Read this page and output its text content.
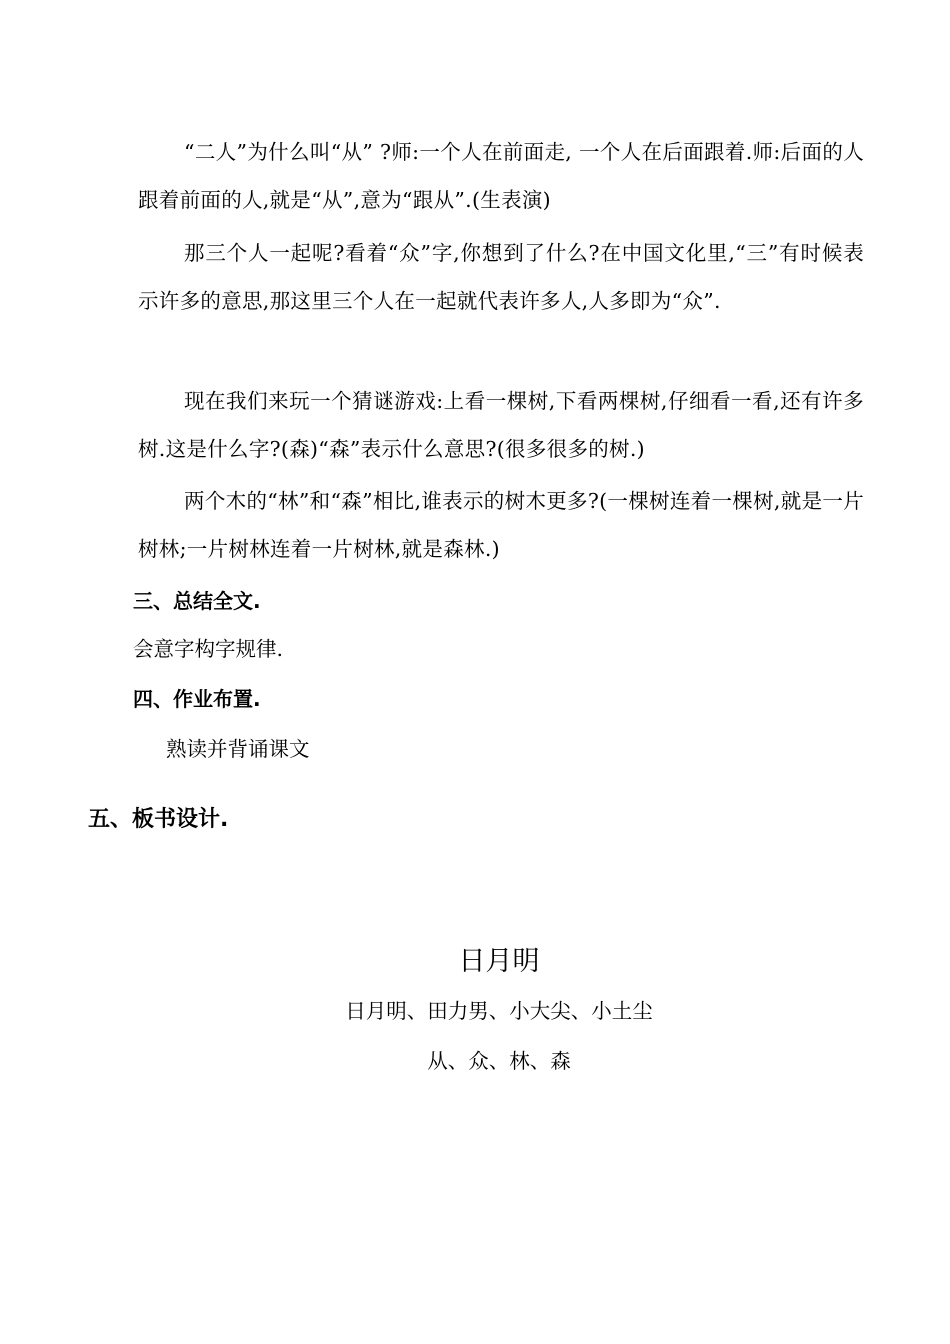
“二人”为什么叫“从” ?师:一个人在前面走, 一个人在后面跟着.师:后面的人跟着前面的人,就是“从”,意为“跟从”.(生表演)

那三个人一起呢?看着“众”字,你想到了什么?在中国文化里,“三”有时候表示许多的意思,那这里三个人在一起就代表许多人,人多即为“众”.

现在我们来玩一个猜谜游戏:上看一棵树,下看两棵树,仔细看一看,还有许多树.这是什么字?(森)“森”表示什么意思?(很多很多的树.)

两个木的“林”和“森”相比,谁表示的树木更多?(一棵树连着一棵树,就是一片树林;一片树林连着一片树林,就是森林.)

三、总结全文.

会意字构字规律.

四、作业布置.

熟读并背诵课文

五、板书设计.

日月明

日月明、田力男、小大尖、小土尘

从、众、林、森
